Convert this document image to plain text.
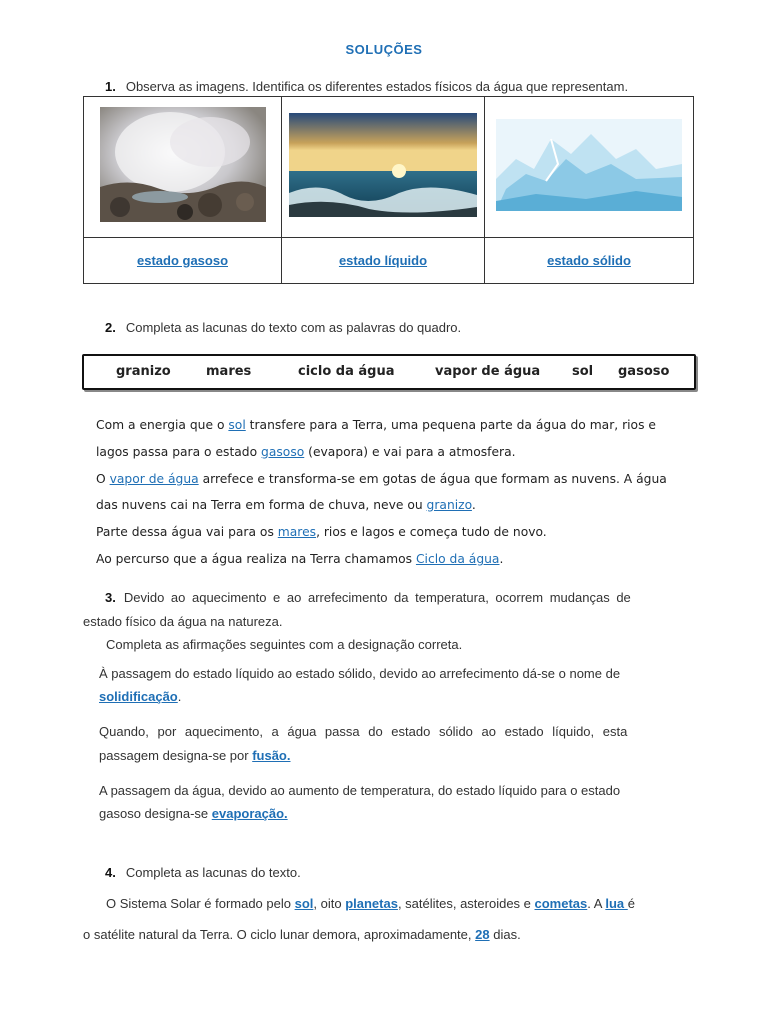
SOLUÇÕES
1. Observa as imagens. Identifica os diferentes estados físicos da água que representam.

estado gasoso	estado líquido	estado sólido
2. Completa as lacunas do texto com as palavras do quadro.
granizo	mares	ciclo da água	vapor de água sol gasoso
Com a energia que o sol transfere para a Terra, uma pequena parte da água do mar, rios e
lagos passa para o estado gasoso (evapora) e vai para a atmosfera.
O vapor de água arrefece e transforma-se em gotas de água que formam as nuvens. A água
das nuvens cai na Terra em forma de chuva, neve ou granizo.
Parte dessa água vai para os mares, rios e lagos e começa tudo de novo.
Ao percurso que a água realiza na Terra chamamos Ciclo da água.
3. Devido ao aquecimento e ao arrefecimento da temperatura, ocorrem mudanças de
estado físico da água na natureza.
Completa as afirmações seguintes com a designação correta.
À passagem do estado líquido ao estado sólido, devido ao arrefecimento dá-se o nome de
solidificação.
Quando, por aquecimento, a água passa do estado sólido ao estado líquido, esta
passagem designa-se por fusão.
A passagem da água, devido ao aumento de temperatura, do estado líquido para o estado
gasoso designa-se evaporação.
4. Completa as lacunas do texto.
O Sistema Solar é formado pelo sol, oito planetas, satélites, asteroides e cometas. A lua é
o satélite natural da Terra. O ciclo lunar demora, aproximadamente, 28 dias.
